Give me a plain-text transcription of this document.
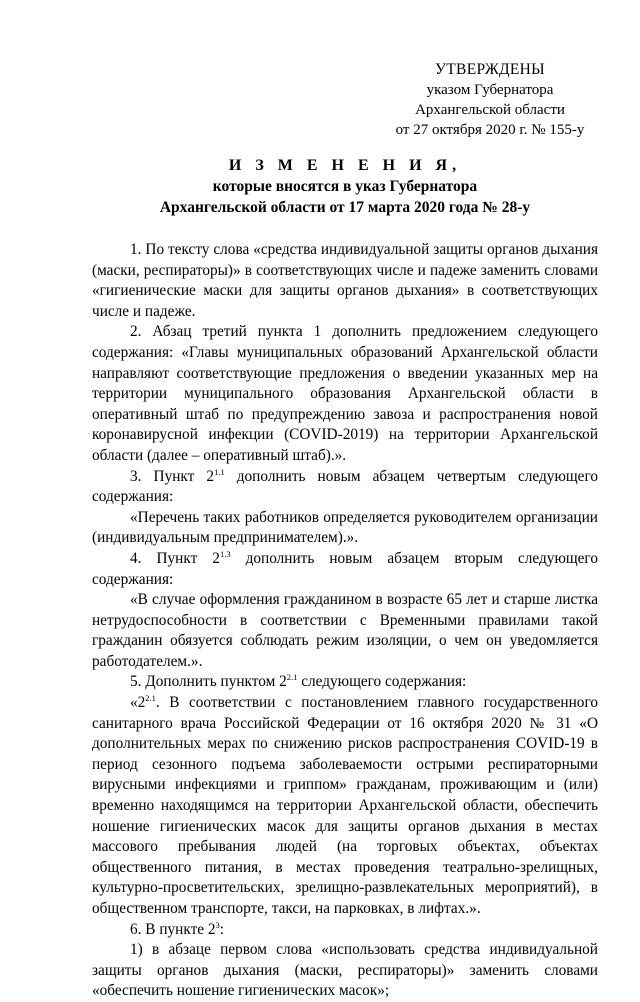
УТВЕРЖДЕНЫ
указом Губернатора
Архангельской области
от 27 октября 2020 г. № 155-у
И З М Е Н Е Н И Я,
которые вносятся в указ Губернатора
Архангельской области от 17 марта 2020 года № 28-у

1. По тексту слова «средства индивидуальной защиты органов дыхания (маски, респираторы)» в соответствующих числе и падеже заменить словами «гигиенические маски для защиты органов дыхания» в соответствующих числе и падеже.

2. Абзац третий пункта 1 дополнить предложением следующего содержания: «Главы муниципальных образований Архангельской области направляют соответствующие предложения о введении указанных мер на территории муниципального образования Архангельской области в оперативный штаб по предупреждению завоза и распространения новой коронавирусной инфекции (COVID-2019) на территории Архангельской области (далее – оперативный штаб).».

3. Пункт $2^{1.1}$ дополнить новым абзацем четвертым следующего содержания:

«Перечень таких работников определяется руководителем организации (индивидуальным предпринимателем).».

4. Пункт $2^{1.3}$ дополнить новым абзацем вторым следующего содержания:

«В случае оформления гражданином в возрасте 65 лет и старше листка нетрудоспособности в соответствии с Временными правилами такой гражданин обязуется соблюдать режим изоляции, о чем он уведомляется работодателем.».

5. Дополнить пунктом $2^{2.1}$ следующего содержания:

«$2^{2.1}$. В соответствии с постановлением главного государственного санитарного врача Российской Федерации от 16 октября 2020 № 31 «О дополнительных мерах по снижению рисков распространения COVID-19 в период сезонного подъема заболеваемости острыми респираторными вирусными инфекциями и гриппом» гражданам, проживающим и (или) временно находящимся на территории Архангельской области, обеспечить ношение гигиенических масок для защиты органов дыхания в местах массового пребывания людей (на торговых объектах, объектах общественного питания, в местах проведения театрально-зрелищных, культурно-просветительских, зрелищно-развлекательных мероприятий), в общественном транспорте, такси, на парковках, в лифтах.».

6. В пункте $2^3$:

1) в абзаце первом слова «использовать средства индивидуальной защиты органов дыхания (маски, респираторы)» заменить словами «обеспечить ношение гигиенических масок»;
